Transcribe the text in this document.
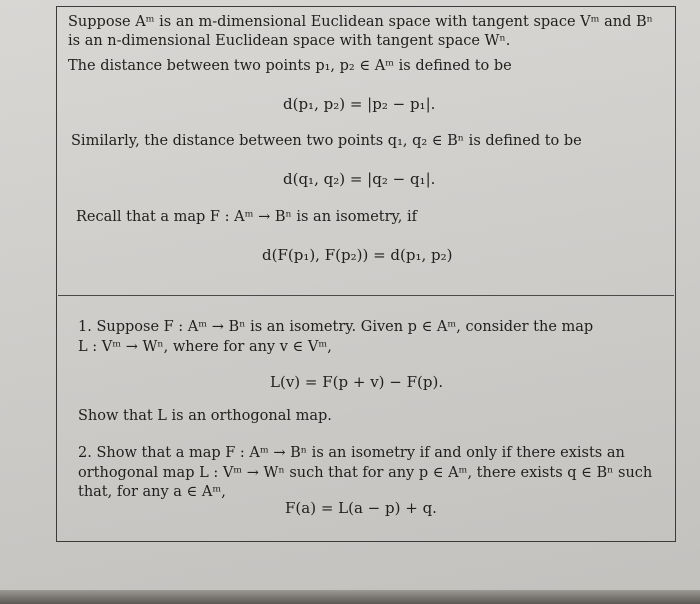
Suppose Aᵐ is an m-dimensional Euclidean space with tangent space Vᵐ and Bⁿ
is an n-dimensional Euclidean space with tangent space Wⁿ.
The distance between two points p₁, p₂ ∈ Aᵐ is defined to be
d(p₁, p₂) = |p₂ − p₁|.
Similarly, the distance between two points q₁, q₂ ∈ Bⁿ is defined to be
d(q₁, q₂) = |q₂ − q₁|.
Recall that a map F : Aᵐ → Bⁿ is an isometry, if
d(F(p₁), F(p₂)) = d(p₁, p₂)
1. Suppose F : Aᵐ → Bⁿ is an isometry. Given p ∈ Aᵐ, consider the map
L : Vᵐ → Wⁿ, where for any v ∈ Vᵐ,
L(v) = F(p + v) − F(p).
Show that L is an orthogonal map.
2. Show that a map F : Aᵐ → Bⁿ is an isometry if and only if there exists an
orthogonal map L : Vᵐ → Wⁿ such that for any p ∈ Aᵐ, there exists q ∈ Bⁿ such
that, for any a ∈ Aᵐ,
F(a) = L(a − p) + q.
